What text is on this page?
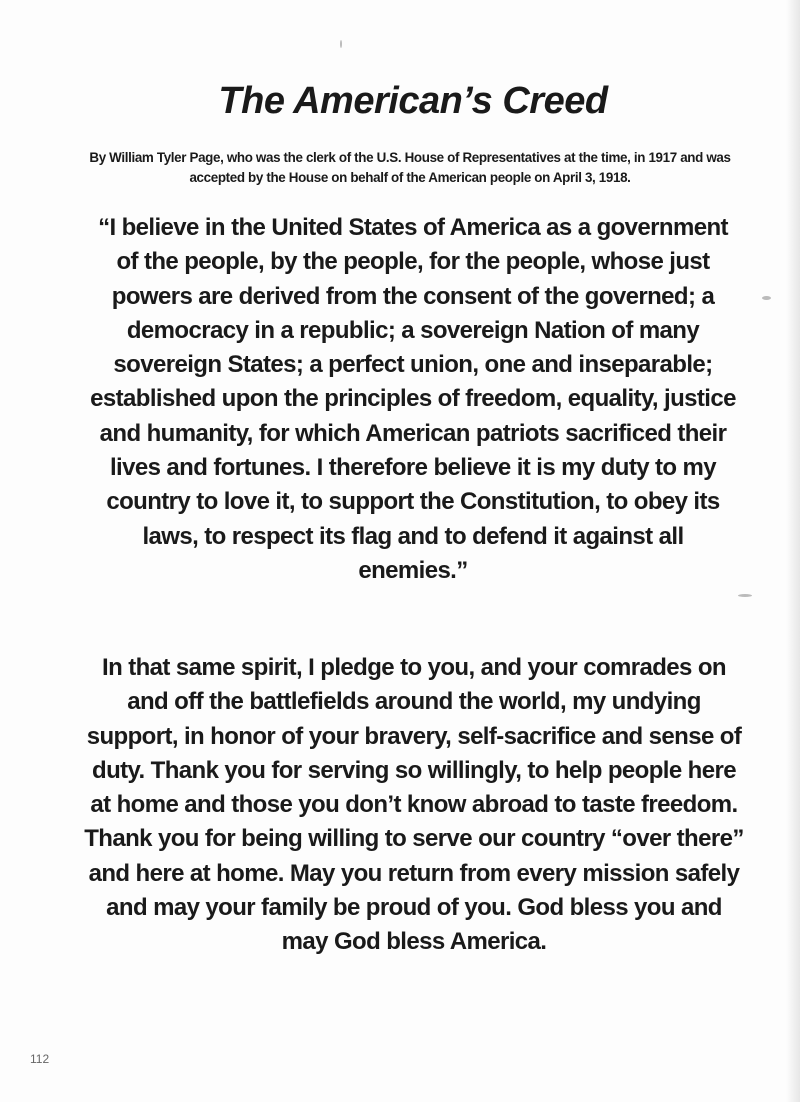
The American’s Creed

By William Tyler Page, who was the clerk of the U.S. House of Representatives at the time, in 1917 and was accepted by the House on behalf of the American people on April 3, 1918.

“I believe in the United States of America as a government of the people, by the people, for the people, whose just powers are derived from the consent of the governed; a democracy in a republic; a sovereign Nation of many sovereign States; a perfect union, one and inseparable; established upon the principles of freedom, equality, justice and humanity, for which American patriots sacrificed their lives and fortunes. I therefore believe it is my duty to my country to love it, to support the Constitution, to obey its laws, to respect its flag and to defend it against all enemies.”

In that same spirit, I pledge to you, and your comrades on and off the battlefields around the world, my undying support, in honor of your bravery, self-sacrifice and sense of duty. Thank you for serving so willingly, to help people here at home and those you don’t know abroad to taste freedom. Thank you for being willing to serve our country “over there” and here at home. May you return from every mission safely and may your family be proud of you. God bless you and may God bless America.

112
